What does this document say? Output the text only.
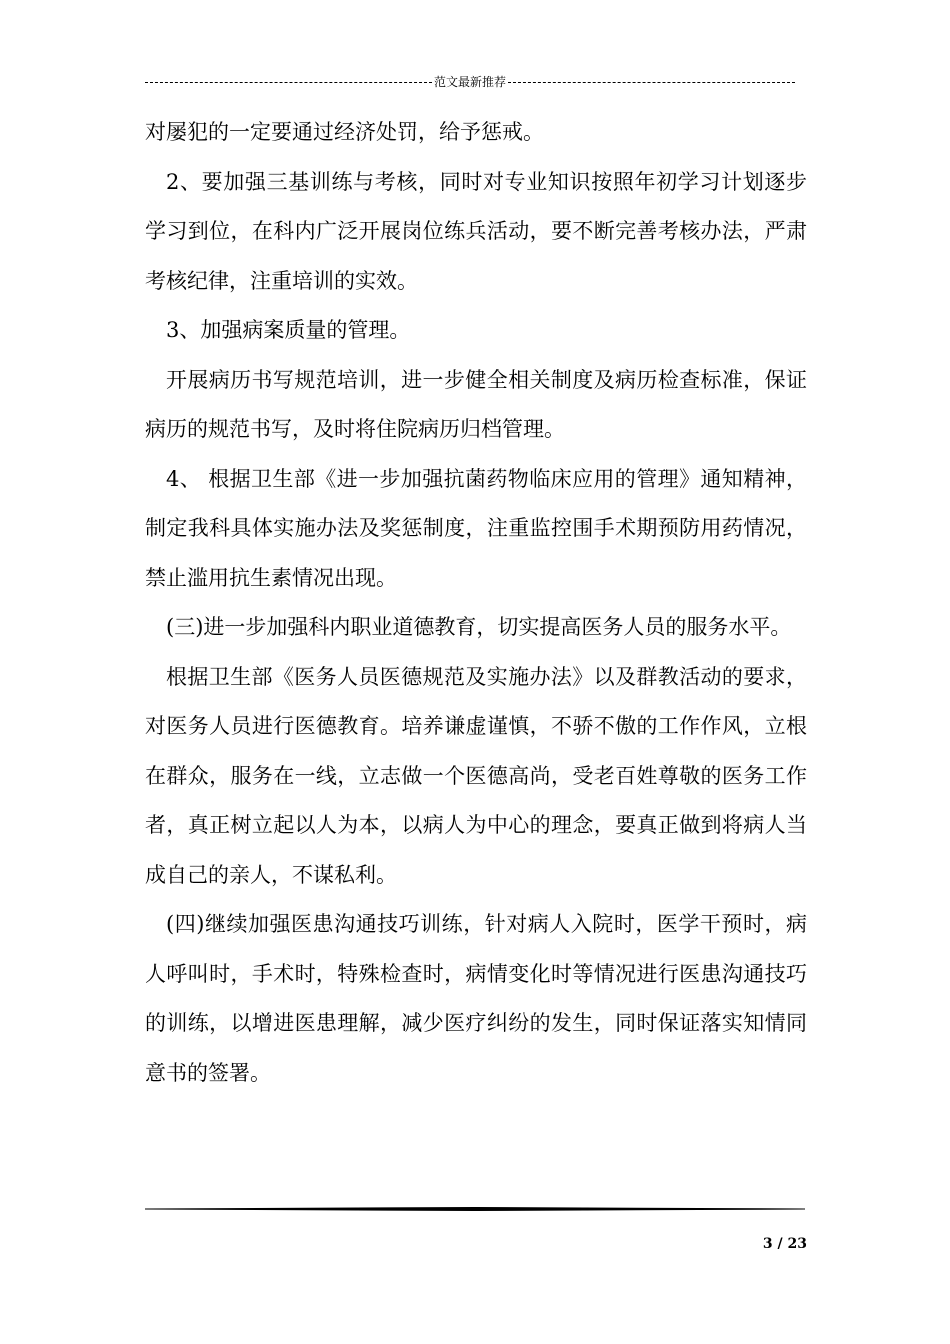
范文最新推荐

对屡犯的一定要通过经济处罚，给予惩戒。

2、要加强三基训练与考核，同时对专业知识按照年初学习计划逐步学习到位，在科内广泛开展岗位练兵活动，要不断完善考核办法，严肃考核纪律，注重培训的实效。

3、加强病案质量的管理。

开展病历书写规范培训，进一步健全相关制度及病历检查标准，保证病历的规范书写，及时将住院病历归档管理。

4、 根据卫生部《进一步加强抗菌药物临床应用的管理》通知精神，制定我科具体实施办法及奖惩制度，注重监控围手术期预防用药情况，禁止滥用抗生素情况出现。

(三)进一步加强科内职业道德教育，切实提高医务人员的服务水平。

根据卫生部《医务人员医德规范及实施办法》以及群教活动的要求，对医务人员进行医德教育。培养谦虚谨慎，不骄不傲的工作作风，立根在群众，服务在一线，立志做一个医德高尚，受老百姓尊敬的医务工作者，真正树立起以人为本，以病人为中心的理念，要真正做到将病人当成自己的亲人，不谋私利。

(四)继续加强医患沟通技巧训练，针对病人入院时，医学干预时，病人呼叫时，手术时，特殊检查时，病情变化时等情况进行医患沟通技巧的训练，以增进医患理解，减少医疗纠纷的发生，同时保证落实知情同意书的签署。

3 / 23
